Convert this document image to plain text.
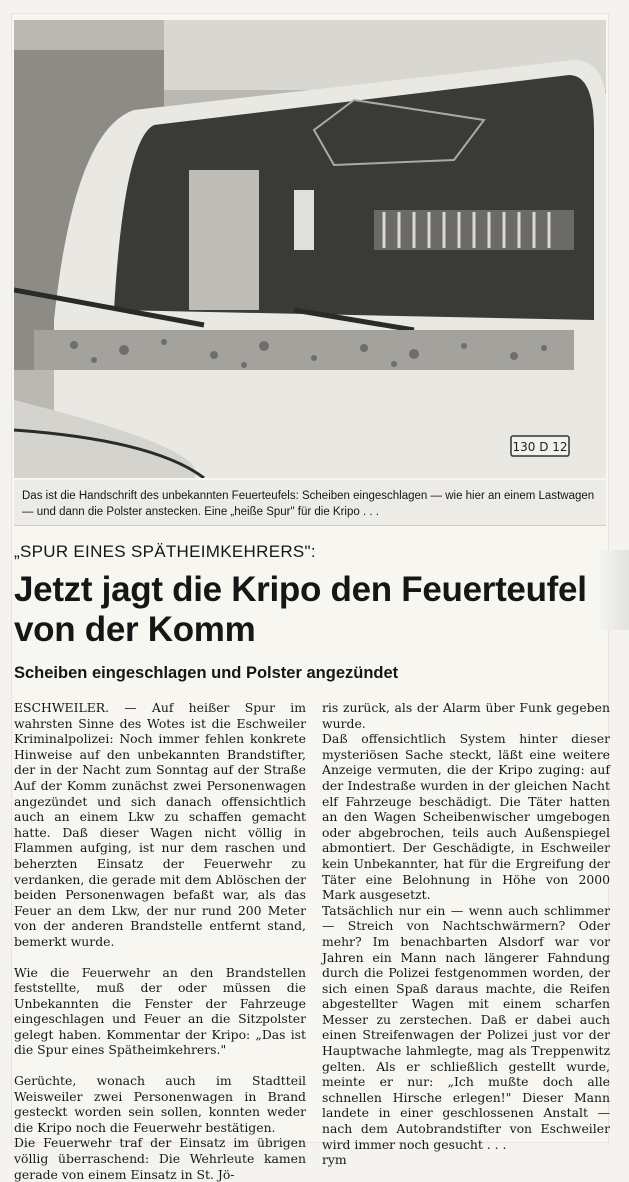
130 D 12
Das ist die Handschrift des unbekannten Feuerteufels: Scheiben eingeschlagen — wie hier an einem Lastwagen — und dann die Polster anstecken. Eine „heiße Spur" für die Kripo . . .
„SPUR EINES SPÄTHEIMKEHRERS":
Jetzt jagt die Kripo den Feuerteufel von der Komm
Scheiben eingeschlagen und Polster angezündet

ESCHWEILER. — Auf heißer Spur im wahrsten Sinne des Wotes ist die Eschweiler Kriminalpolizei: Noch immer fehlen konkrete Hinweise auf den unbekannten Brandstifter, der in der Nacht zum Sonntag auf der Straße Auf der Komm zunächst zwei Personenwagen angezündet und sich danach offensichtlich auch an einem Lkw zu schaffen gemacht hatte. Daß dieser Wagen nicht völlig in Flammen aufging, ist nur dem raschen und beherzten Einsatz der Feuerwehr zu verdanken, die gerade mit dem Ablöschen der beiden Personenwagen befaßt war, als das Feuer an dem Lkw, der nur rund 200 Meter von der anderen Brandstelle entfernt stand, bemerkt wurde.

Wie die Feuerwehr an den Brandstellen feststellte, muß der oder müssen die Unbekannten die Fenster der Fahrzeuge eingeschlagen und Feuer an die Sitzpolster gelegt haben. Kommentar der Kripo: „Das ist die Spur eines Spätheimkehrers."

Gerüchte, wonach auch im Stadtteil Weisweiler zwei Personenwagen in Brand gesteckt worden sein sollen, konnten weder die Kripo noch die Feuerwehr bestätigen.

Die Feuerwehr traf der Einsatz im übrigen völlig überraschend: Die Wehrleute kamen gerade von einem Einsatz in St. Jö-

ris zurück, als der Alarm über Funk gegeben wurde.

Daß offensichtlich System hinter dieser mysteriösen Sache steckt, läßt eine weitere Anzeige vermuten, die der Kripo zuging: auf der Indestraße wurden in der gleichen Nacht elf Fahrzeuge beschädigt. Die Täter hatten an den Wagen Scheibenwischer umgebogen oder abgebrochen, teils auch Außenspiegel abmontiert. Der Geschädigte, in Eschweiler kein Unbekannter, hat für die Ergreifung der Täter eine Belohnung in Höhe von 2000 Mark ausgesetzt.

Tatsächlich nur ein — wenn auch schlimmer — Streich von Nachtschwärmern? Oder mehr? Im benachbarten Alsdorf war vor Jahren ein Mann nach längerer Fahndung durch die Polizei festgenommen worden, der sich einen Spaß daraus machte, die Reifen abgestellter Wagen mit einem scharfen Messer zu zerstechen. Daß er dabei auch einen Streifenwagen der Polizei just vor der Hauptwache lahmlegte, mag als Treppenwitz gelten. Als er schließlich gestellt wurde, meinte er nur: „Ich mußte doch alle schnellen Hirsche erlegen!" Dieser Mann landete in einer geschlossenen Anstalt — nach dem Autobrandstifter von Eschweiler wird immer noch gesucht . . .

rym
